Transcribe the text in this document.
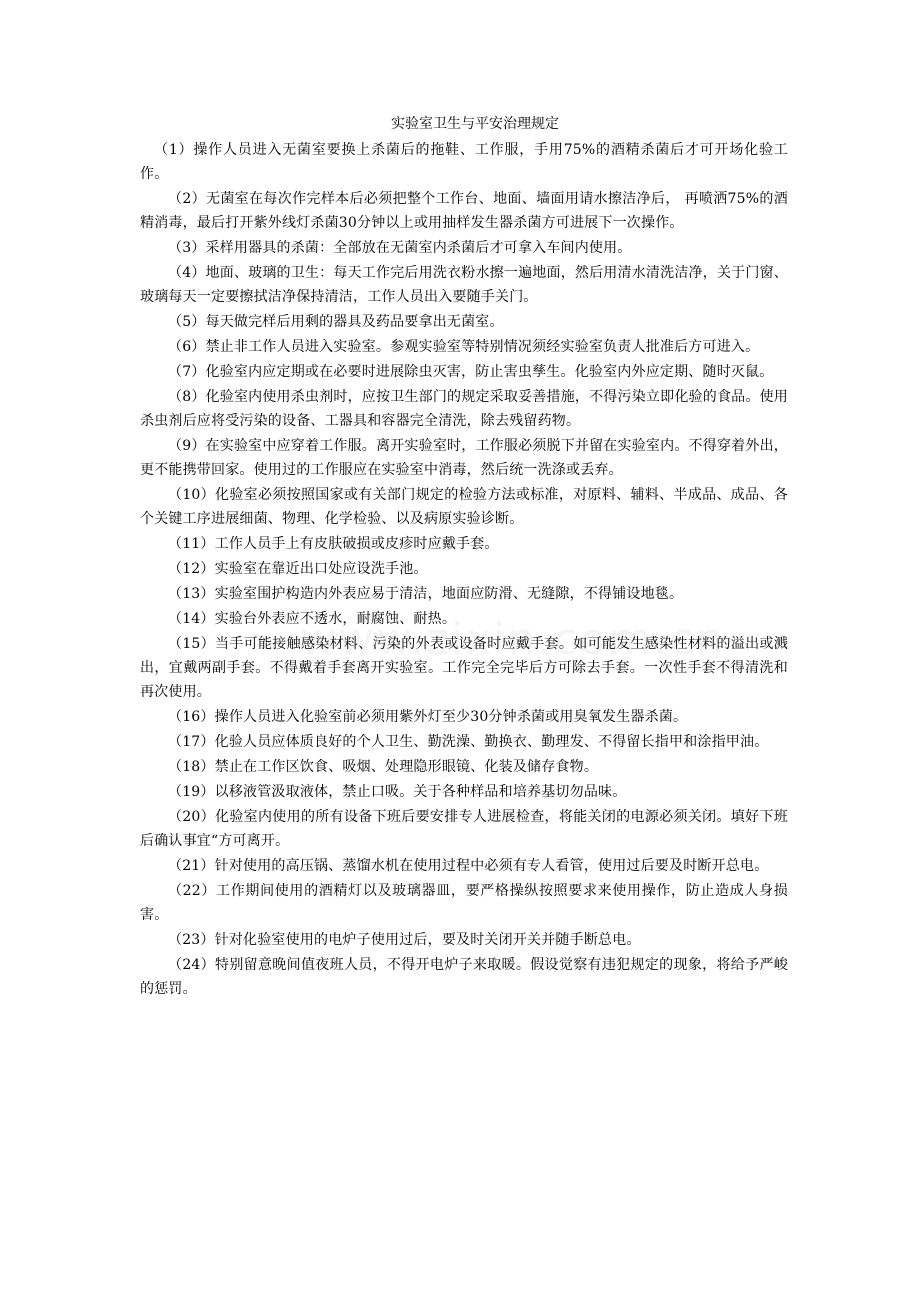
实验室卫生与平安治理规定

（1）操作人员进入无菌室要换上杀菌后的拖鞋、工作服，手用75%的酒精杀菌后才可开场化验工作。

（2）无菌室在每次作完样本后必须把整个工作台、地面、墙面用请水擦洁净后， 再喷洒75%的酒精消毒，最后打开紫外线灯杀菌30分钟以上或用抽样发生器杀菌方可进展下一次操作。

（3）采样用器具的杀菌：全部放在无菌室内杀菌后才可拿入车间内使用。

（4）地面、玻璃的卫生：每天工作完后用洗衣粉水擦一遍地面，然后用清水清洗洁净，关于门窗、玻璃每天一定要擦拭洁净保持清洁，工作人员出入要随手关门。

（5）每天做完样后用剩的器具及药品要拿出无菌室。

（6）禁止非工作人员进入实验室。参观实验室等特别情况须经实验室负责人批准后方可进入。

（7）化验室内应定期或在必要时进展除虫灭害，防止害虫孳生。化验室内外应定期、随时灭鼠。

（8）化验室内使用杀虫剂时，应按卫生部门的规定采取妥善措施，不得污染立即化验的食品。使用杀虫剂后应将受污染的设备、工器具和容器完全清洗，除去残留药物。

（9）在实验室中应穿着工作服。离开实验室时，工作服必须脱下并留在实验室内。不得穿着外出，更不能携带回家。使用过的工作服应在实验室中消毒，然后统一洗涤或丢弃。

（10）化验室必须按照国家或有关部门规定的检验方法或标准，对原料、辅料、半成品、成品、各个关键工序进展细菌、物理、化学检验、以及病原实验诊断。

（11）工作人员手上有皮肤破损或皮疹时应戴手套。

（12）实验室在靠近出口处应设洗手池。

（13）实验室围护构造内外表应易于清洁，地面应防滑、无缝隙，不得铺设地毯。

（14）实验台外表应不透水，耐腐蚀、耐热。

（15）当手可能接触感染材料、污染的外表或设备时应戴手套。如可能发生感染性材料的溢出或溅出，宜戴两副手套。不得戴着手套离开实验室。工作完全完毕后方可除去手套。一次性手套不得清洗和再次使用。

（16）操作人员进入化验室前必须用紫外灯至少30分钟杀菌或用臭氧发生器杀菌。

（17）化验人员应体质良好的个人卫生、勤洗澡、勤换衣、勤理发、不得留长指甲和涂指甲油。

（18）禁止在工作区饮食、吸烟、处理隐形眼镜、化装及储存食物。

（19）以移液管汲取液体，禁止口吸。关于各种样品和培养基切勿品味。

（20）化验室内使用的所有设备下班后要安排专人进展检查，将能关闭的电源必须关闭。填好下班后确认事宜“方可离开。

（21）针对使用的高压锅、蒸馏水机在使用过程中必须有专人看管，使用过后要及时断开总电。

（22）工作期间使用的酒精灯以及玻璃器皿，要严格操纵按照要求来使用操作，防止造成人身损害。

（23）针对化验室使用的电炉子使用过后，要及时关闭开关并随手断总电。

（24）特别留意晚间值夜班人员，不得开电炉子来取暖。假设觉察有违犯规定的现象，将给予严峻的惩罚。
